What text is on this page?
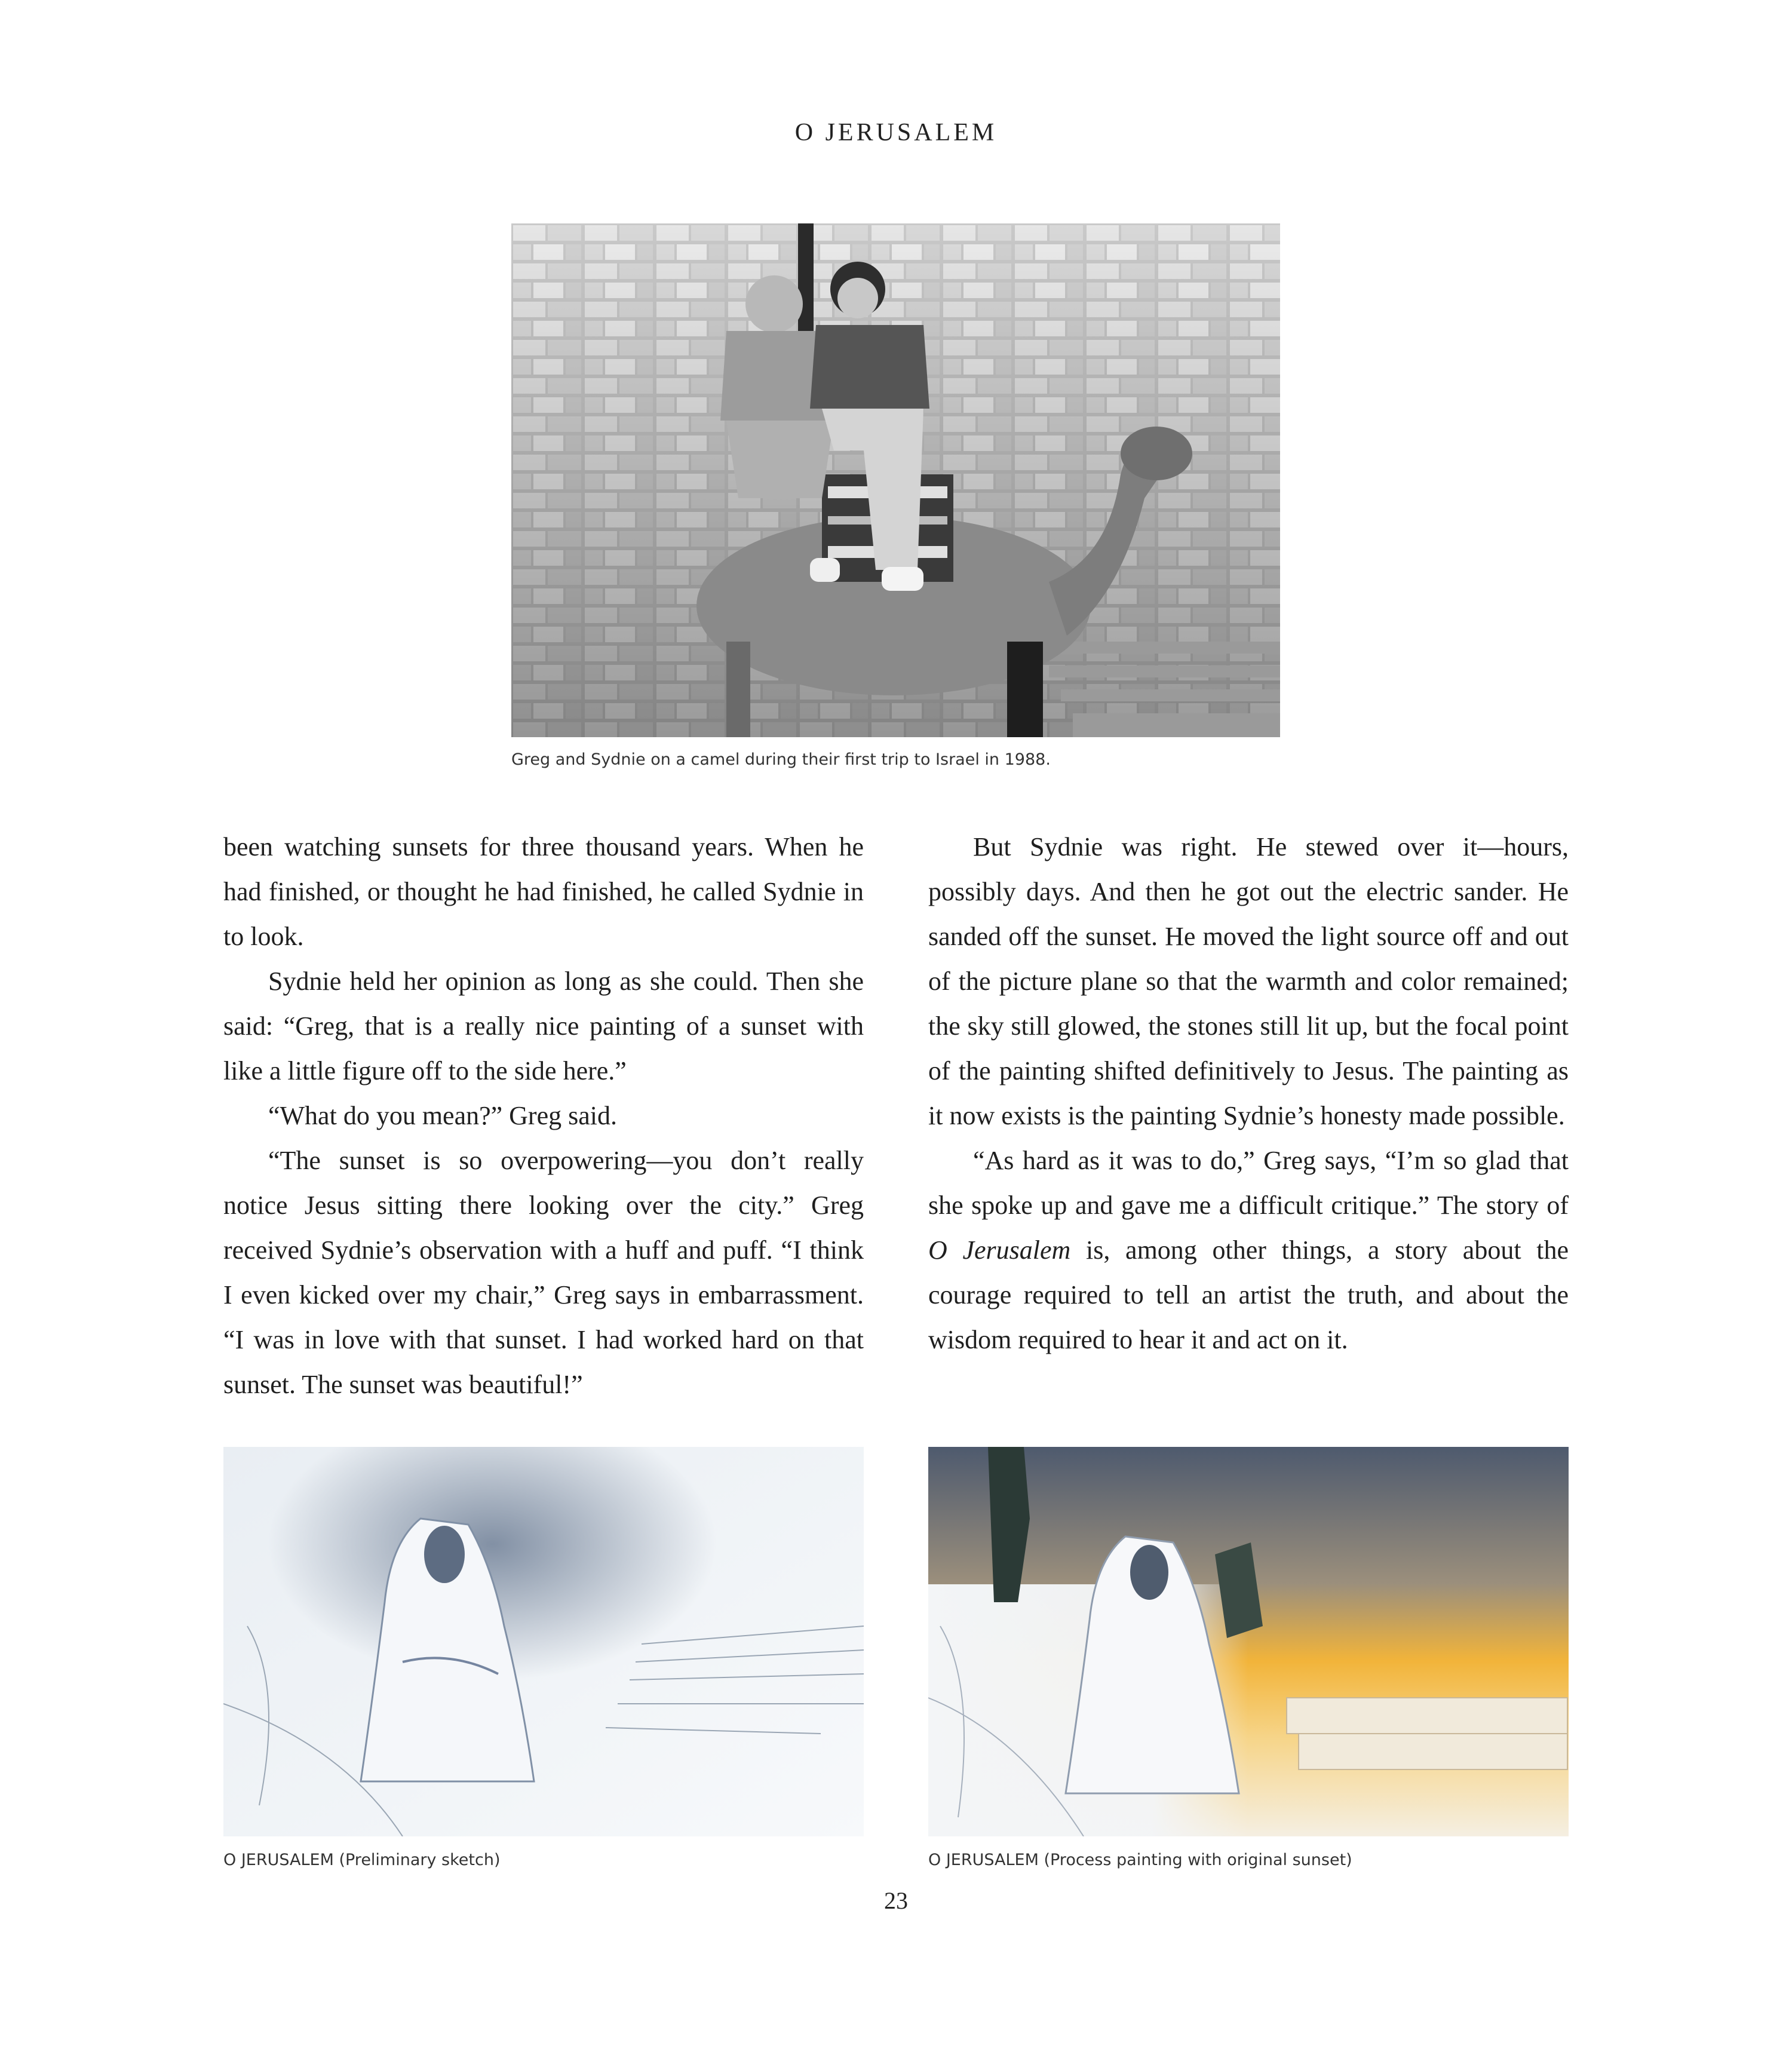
O JERUSALEM
Greg and Sydnie on a camel during their first trip to Israel in 1988.

been watching sunsets for three thousand years. When he had finished, or thought he had finished, he called Sydnie in to look.

Sydnie held her opinion as long as she could. Then she said: “Greg, that is a really nice painting of a sunset with like a little figure off to the side here.”

“What do you mean?” Greg said.

“The sunset is so overpowering—you don’t really notice Jesus sitting there looking over the city.” Greg received Sydnie’s observation with a huff and puff. “I think I even kicked over my chair,” Greg says in embarrassment. “I was in love with that sunset. I had worked hard on that sunset. The sunset was beautiful!”

But Sydnie was right. He stewed over it—hours, possibly days. And then he got out the electric sander. He sanded off the sunset. He moved the light source off and out of the picture plane so that the warmth and color remained; the sky still glowed, the stones still lit up, but the focal point of the painting shifted definitively to Jesus. The painting as it now exists is the painting Sydnie’s honesty made possible.

“As hard as it was to do,” Greg says, “I’m so glad that she spoke up and gave me a difficult critique.” The story of O Jerusalem is, among other things, a story about the courage required to tell an artist the truth, and about the wisdom required to hear it and act on it.

O JERUSALEM (Preliminary sketch)	O JERUSALEM (Process painting with original sunset)
23
